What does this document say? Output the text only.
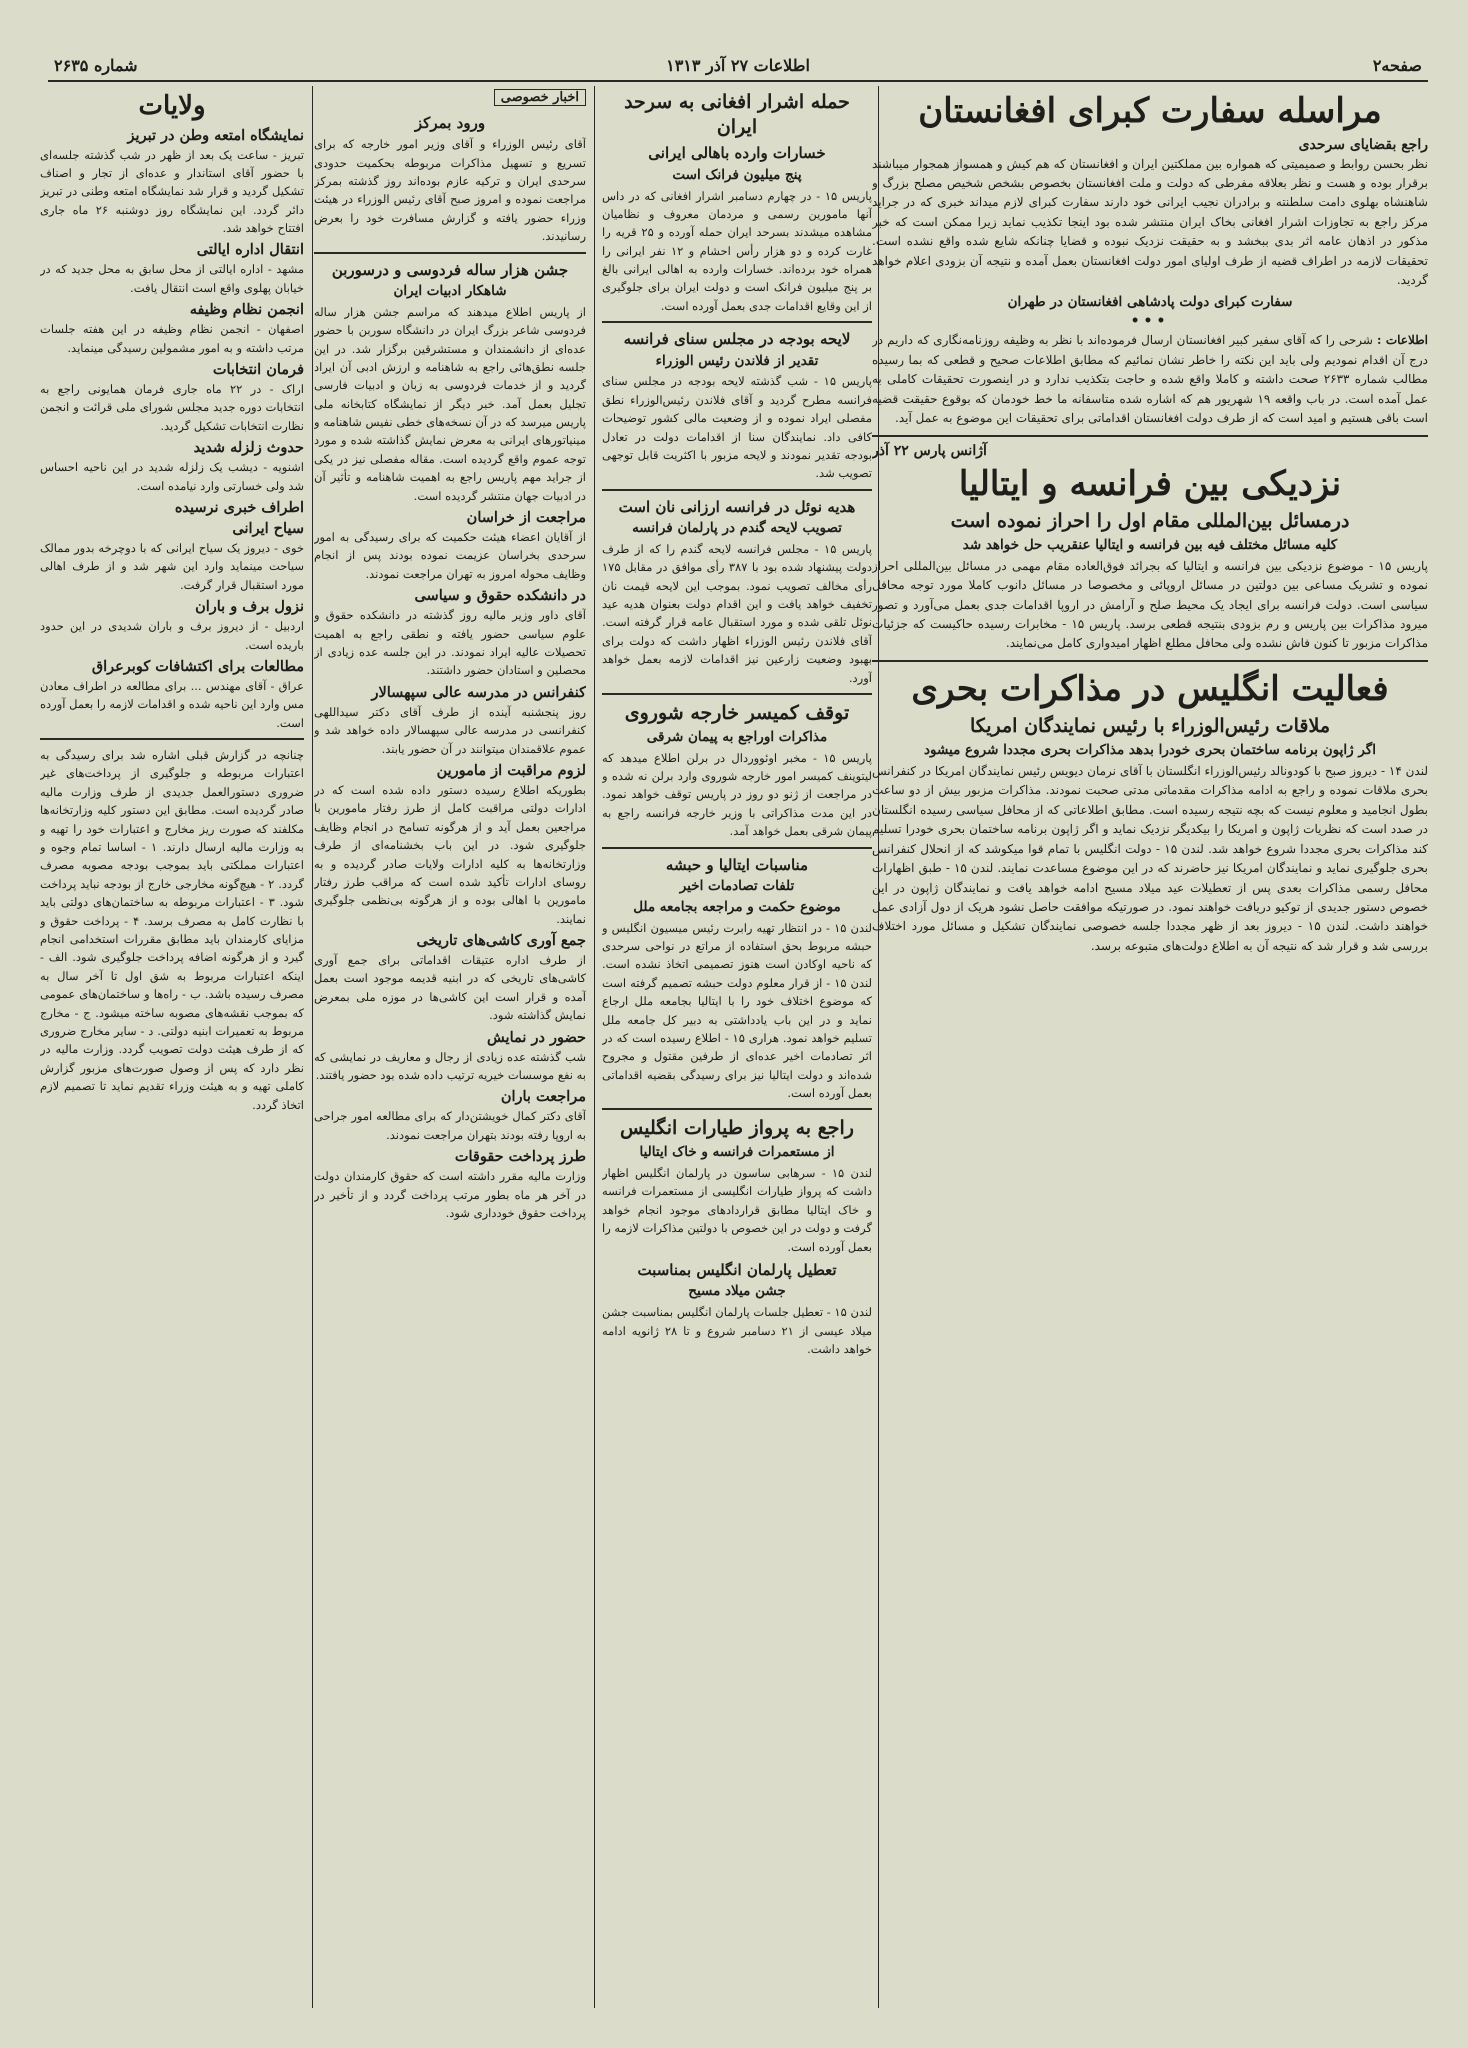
صفحه۲
اطلاعات ۲۷ آذر ۱۳۱۳
شماره ۲۶۳۵
مراسله سفارت کبرای افغانستان
راجع بقضایای سرحدی

نظر بحسن روابط و صمیمیتی که همواره بین مملکتین ایران و افغانستان که هم کیش و همسواز همجوار میباشند برقرار بوده و هست و نظر بعلاقه مفرطی که دولت و ملت افغانستان بخصوص بشخص شخیص مصلح بزرگ و شاهنشاه بهلوی دامت سلطنته و برادران نجیب ایرانی خود دارند سفارت کبرای لازم میداند خبری که در جراید مرکز راجع به تجاوزات اشرار افغانی بخاک ایران منتشر شده بود اینجا تکذیب نماید زیرا ممکن است که خبر مذکور در اذهان عامه اثر بدی ببخشد و به حقیقت نزدیک نبوده و قضایا چنانکه شایع شده واقع نشده است. تحقیقات لازمه در اطراف قضیه از طرف اولیای امور دولت افغانستان بعمل آمده و نتیجه آن بزودی اعلام خواهد گردید.

سفارت کبرای دولت پادشاهی افغانستان در طهران
•••

اطلاعات : شرحی را که آقای سفیر کبیر افغانستان ارسال فرموده‌اند با نظر به وظیفه روزنامه‌نگاری که داریم در درج آن اقدام نمودیم ولی باید این نکته را خاطر نشان نمائیم که مطابق اطلاعات صحیح و قطعی که بما رسیده مطالب شماره ۲۶۳۳ صحت داشته و کاملا واقع شده و حاجت بتکذیب ندارد و در اینصورت تحقیقات کاملی به عمل آمده است. در باب واقعه ۱۹ شهریور هم که اشاره شده متاسفانه ما خط خودمان که بوقوع حقیقت قضیه است باقی هستیم و امید است که از طرف دولت افغانستان اقداماتی برای تحقیقات این موضوع به عمل آید.

آژانس پارس ۲۲ آذر
نزدیکی بین فرانسه و ایتالیا
درمسائل بین‌المللی مقام اول را احراز نموده است
کلیه مسائل مختلف فیه بین فرانسه و ایتالیا عنقریب حل خواهد شد

پاریس ۱۵ - موضوع نزدیکی بین فرانسه و ایتالیا که بجرائد فوق‌العاده مقام مهمی در مسائل بین‌المللی احراز نموده و تشریک مساعی بین دولتین در مسائل اروپائی و مخصوصا در مسائل دانوب کاملا مورد توجه محافل سیاسی است. دولت فرانسه برای ایجاد یک محیط صلح و آرامش در اروپا اقدامات جدی بعمل می‌آورد و تصور میرود مذاکرات بین پاریس و رم بزودی بنتیجه قطعی برسد. پاریس ۱۵ - مخابرات رسیده حاکیست که جزئیات مذاکرات مزبور تا کنون فاش نشده ولی محافل مطلع اظهار امیدواری کامل می‌نمایند.

فعالیت انگلیس در مذاکرات بحری
ملاقات رئیس‌الوزراء با رئیس نمایندگان امریکا
اگر ژاپون برنامه ساختمان بحری خودرا بدهد مذاکرات بحری مجددا شروع میشود

لندن ۱۴ - دیروز صبح با کودونالد رئیس‌الوزراء انگلستان با آقای نرمان دیویس رئیس نمایندگان امریکا در کنفرانس بحری ملاقات نموده و راجع به ادامه مذاکرات مقدماتی مدتی صحبت نمودند. مذاکرات مزبور بیش از دو ساعت بطول انجامید و معلوم نیست که بچه نتیجه رسیده است. مطابق اطلاعاتی که از محافل سیاسی رسیده انگلستان در صدد است که نظریات ژاپون و امریکا را بیکدیگر نزدیک نماید و اگر ژاپون برنامه ساختمان بحری خودرا تسلیم کند مذاکرات بحری مجددا شروع خواهد شد. لندن ۱۵ - دولت انگلیس با تمام قوا میکوشد که از انحلال کنفرانس بحری جلوگیری نماید و نمایندگان امریکا نیز حاضرند که در این موضوع مساعدت نمایند. لندن ۱۵ - طبق اظهارات محافل رسمی مذاکرات بعدی پس از تعطیلات عید میلاد مسیح ادامه خواهد یافت و نمایندگان ژاپون در این خصوص دستور جدیدی از توکیو دریافت خواهند نمود. در صورتیکه موافقت حاصل نشود هریک از دول آزادی عمل خواهند داشت. لندن ۱۵ - دیروز بعد از ظهر مجددا جلسه خصوصی نمایندگان تشکیل و مسائل مورد اختلاف بررسی شد و قرار شد که نتیجه آن به اطلاع دولت‌های متبوعه برسد.

حمله اشرار افغانی به سرحد ایران
خسارات وارده باهالی ایرانی
پنج میلیون فرانک است

پاریس ۱۵ - در چهارم دسامبر اشرار افغانی که در داس آنها مامورین رسمی و مردمان معروف و نظامیان مشاهده میشدند بسرحد ایران حمله آورده و ۲۵ قریه را غارت کرده و دو هزار رأس احشام و ۱۲ نفر ایرانی را همراه خود برده‌اند. خسارات وارده به اهالی ایرانی بالغ بر پنج میلیون فرانک است و دولت ایران برای جلوگیری از این وقایع اقدامات جدی بعمل آورده است.

لایحه بودجه در مجلس سنای فرانسه
تقدیر از فلاندن رئیس الوزراء

پاریس ۱۵ - شب گذشته لایحه بودجه در مجلس سنای فرانسه مطرح گردید و آقای فلاندن رئیس‌الوزراء نطق مفصلی ایراد نموده و از وضعیت مالی کشور توضیحات کافی داد. نمایندگان سنا از اقدامات دولت در تعادل بودجه تقدیر نمودند و لایحه مزبور با اکثریت قابل توجهی تصویب شد.

هدیه نوئل در فرانسه ارزانی نان است
تصویب لایحه گندم در پارلمان فرانسه

پاریس ۱۵ - مجلس فرانسه لایحه گندم را که از طرف دولت پیشنهاد شده بود با ۳۸۷ رأی موافق در مقابل ۱۷۵ رأی مخالف تصویب نمود. بموجب این لایحه قیمت نان تخفیف خواهد یافت و این اقدام دولت بعنوان هدیه عید نوئل تلقی شده و مورد استقبال عامه قرار گرفته است. آقای فلاندن رئیس الوزراء اظهار داشت که دولت برای بهبود وضعیت زارعین نیز اقدامات لازمه بعمل خواهد آورد.

توقف کمیسر خارجه شوروی
مذاکرات اوراجع به پیمان شرقی

پاریس ۱۵ - مخبر اوئووردال در برلن اطلاع میدهد که لیتوینف کمیسر امور خارجه شوروی وارد برلن نه شده و در مراجعت از ژنو دو روز در پاریس توقف خواهد نمود. در این مدت مذاکراتی با وزیر خارجه فرانسه راجع به پیمان شرقی بعمل خواهد آمد.

مناسبات ایتالیا و حبشه
تلفات تصادمات اخیر
موضوع حکمت و مراجعه بجامعه ملل

لندن ۱۵ - در انتظار تهیه رابرت رئیس میسیون انگلیس و حبشه مربوط بحق استفاده از مراتع در نواحی سرحدی که ناحیه اوکادن است هنوز تصمیمی اتخاذ نشده است. لندن ۱۵ - از قرار معلوم دولت حبشه تصمیم گرفته است که موضوع اختلاف خود را با ایتالیا بجامعه ملل ارجاع نماید و در این باب یادداشتی به دبیر کل جامعه ملل تسلیم خواهد نمود. هراری ۱۵ - اطلاع رسیده است که در اثر تصادمات اخیر عده‌ای از طرفین مقتول و مجروح شده‌اند و دولت ایتالیا نیز برای رسیدگی بقضیه اقداماتی بعمل آورده است.

راجع به پرواز طیارات انگلیس
از مستعمرات فرانسه و خاک ایتالیا

لندن ۱۵ - سرهابی ساسون در پارلمان انگلیس اظهار داشت که پرواز طیارات انگلیسی از مستعمرات فرانسه و خاک ایتالیا مطابق قراردادهای موجود انجام خواهد گرفت و دولت در این خصوص با دولتین مذاکرات لازمه را بعمل آورده است.

تعطیل پارلمان انگلیس بمناسبت
جشن میلاد مسیح

لندن ۱۵ - تعطیل جلسات پارلمان انگلیس بمناسبت جشن میلاد عیسی از ۲۱ دسامبر شروع و تا ۲۸ ژانویه ادامه خواهد داشت.

اخبار خصوصی
ورود بمرکز

آقای رئیس الوزراء و آقای وزیر امور خارجه که برای تسریع و تسهیل مذاکرات مربوطه بحکمیت حدودی سرحدی ایران و ترکیه عازم بوده‌اند روز گذشته بمرکز مراجعت نموده و امروز صبح آقای رئیس الوزراء در هیئت وزراء حضور یافته و گزارش مسافرت خود را بعرض رسانیدند.

جشن هزار ساله فردوسی و درسوربن
شاهکار ادبیات ایران

از پاریس اطلاع میدهند که مراسم جشن هزار ساله فردوسی شاعر بزرگ ایران در دانشگاه سوربن با حضور عده‌ای از دانشمندان و مستشرقین برگزار شد. در این جلسه نطق‌هائی راجع به شاهنامه و ارزش ادبی آن ایراد گردید و از خدمات فردوسی به زبان و ادبیات فارسی تجلیل بعمل آمد. خبر دیگر از نمایشگاه کتابخانه ملی پاریس میرسد که در آن نسخه‌های خطی نفیس شاهنامه و مینیاتورهای ایرانی به معرض نمایش گذاشته شده و مورد توجه عموم واقع گردیده است. مقاله مفصلی نیز در یکی از جراید مهم پاریس راجع به اهمیت شاهنامه و تأثیر آن در ادبیات جهان منتشر گردیده است.

مراجعت از خراسان

از آقایان اعضاء هیئت حکمیت که برای رسیدگی به امور سرحدی بخراسان عزیمت نموده بودند پس از انجام وظایف محوله امروز به تهران مراجعت نمودند.

در دانشکده حقوق و سیاسی

آقای داور وزیر مالیه روز گذشته در دانشکده حقوق و علوم سیاسی حضور یافته و نطقی راجع به اهمیت تحصیلات عالیه ایراد نمودند. در این جلسه عده زیادی از محصلین و استادان حضور داشتند.

کنفرانس در مدرسه عالی سپهسالار

روز پنجشنبه آینده از طرف آقای دکتر سیداللهی کنفرانسی در مدرسه عالی سپهسالار داده خواهد شد و عموم علاقمندان میتوانند در آن حضور یابند.

لزوم مراقبت از مامورین

بطوریکه اطلاع رسیده دستور داده شده است که در ادارات دولتی مراقبت کامل از طرز رفتار مامورین با مراجعین بعمل آید و از هرگونه تسامح در انجام وظایف جلوگیری شود. در این باب بخشنامه‌ای از طرف وزارتخانه‌ها به کلیه ادارات ولایات صادر گردیده و به روسای ادارات تأکید شده است که مراقب طرز رفتار مامورین با اهالی بوده و از هرگونه بی‌نظمی جلوگیری نمایند.

جمع آوری کاشی‌های تاریخی

از طرف اداره عتیقات اقداماتی برای جمع آوری کاشی‌های تاریخی که در ابنیه قدیمه موجود است بعمل آمده و قرار است این کاشی‌ها در موزه ملی بمعرض نمایش گذاشته شود.

حضور در نمایش

شب گذشته عده زیادی از رجال و معاریف در نمایشی که به نفع موسسات خیریه ترتیب داده شده بود حضور یافتند.

مراجعت باران

آقای دکتر کمال خویشتن‌دار که برای مطالعه امور جراحی به اروپا رفته بودند بتهران مراجعت نمودند.

طرز پرداخت حقوقات

وزارت مالیه مقرر داشته است که حقوق کارمندان دولت در آخر هر ماه بطور مرتب پرداخت گردد و از تأخیر در پرداخت حقوق خودداری شود.

ولایات
نمایشگاه امتعه وطن در تبریز

تبریز - ساعت یک بعد از ظهر در شب گذشته جلسه‌ای با حضور آقای استاندار و عده‌ای از تجار و اصناف تشکیل گردید و قرار شد نمایشگاه امتعه وطنی در تبریز دائر گردد. این نمایشگاه روز دوشنبه ۲۶ ماه جاری افتتاح خواهد شد.

انتقال اداره ایالتی

مشهد - اداره ایالتی از محل سابق به محل جدید که در خیابان پهلوی واقع است انتقال یافت.

انجمن نظام وظیفه

اصفهان - انجمن نظام وظیفه در این هفته جلسات مرتب داشته و به امور مشمولین رسیدگی مینماید.

فرمان انتخابات

اراک - در ۲۲ ماه جاری فرمان همایونی راجع به انتخابات دوره جدید مجلس شورای ملی قرائت و انجمن نظارت انتخابات تشکیل گردید.

حدوث زلزله شدید

اشنویه - دیشب یک زلزله شدید در این ناحیه احساس شد ولی خسارتی وارد نیامده است.

اطراف خبری نرسیده
سیاح ایرانی

خوی - دیروز یک سیاح ایرانی که با دوچرخه بدور ممالک سیاحت مینماید وارد این شهر شد و از طرف اهالی مورد استقبال قرار گرفت.

نزول برف و باران

اردبیل - از دیروز برف و باران شدیدی در این حدود باریده است.

مطالعات برای اکتشافات کوبرعراق

عراق - آقای مهندس ... برای مطالعه در اطراف معادن مس وارد این ناحیه شده و اقدامات لازمه را بعمل آورده است.

چنانچه در گزارش قبلی اشاره شد برای رسیدگی به اعتبارات مربوطه و جلوگیری از پرداخت‌های غیر ضروری دستورالعمل جدیدی از طرف وزارت مالیه صادر گردیده است. مطابق این دستور کلیه وزارتخانه‌ها مکلفند که صورت ریز مخارج و اعتبارات خود را تهیه و به وزارت مالیه ارسال دارند. ۱ - اساسا تمام وجوه و اعتبارات مملکتی باید بموجب بودجه مصوبه مصرف گردد. ۲ - هیچ‌گونه مخارجی خارج از بودجه نباید پرداخت شود. ۳ - اعتبارات مربوطه به ساختمان‌های دولتی باید با نظارت کامل به مصرف برسد. ۴ - پرداخت حقوق و مزایای کارمندان باید مطابق مقررات استخدامی انجام گیرد و از هرگونه اضافه پرداخت جلوگیری شود. الف - اینکه اعتبارات مربوط به شق اول تا آخر سال به مصرف رسیده باشد. ب - راه‌ها و ساختمان‌های عمومی که بموجب نقشه‌های مصوبه ساخته میشود. ج - مخارج مربوط به تعمیرات ابنیه دولتی. د - سایر مخارج ضروری که از طرف هیئت دولت تصویب گردد. وزارت مالیه در نظر دارد که پس از وصول صورت‌های مزبور گزارش کاملی تهیه و به هیئت وزراء تقدیم نماید تا تصمیم لازم اتخاذ گردد.
